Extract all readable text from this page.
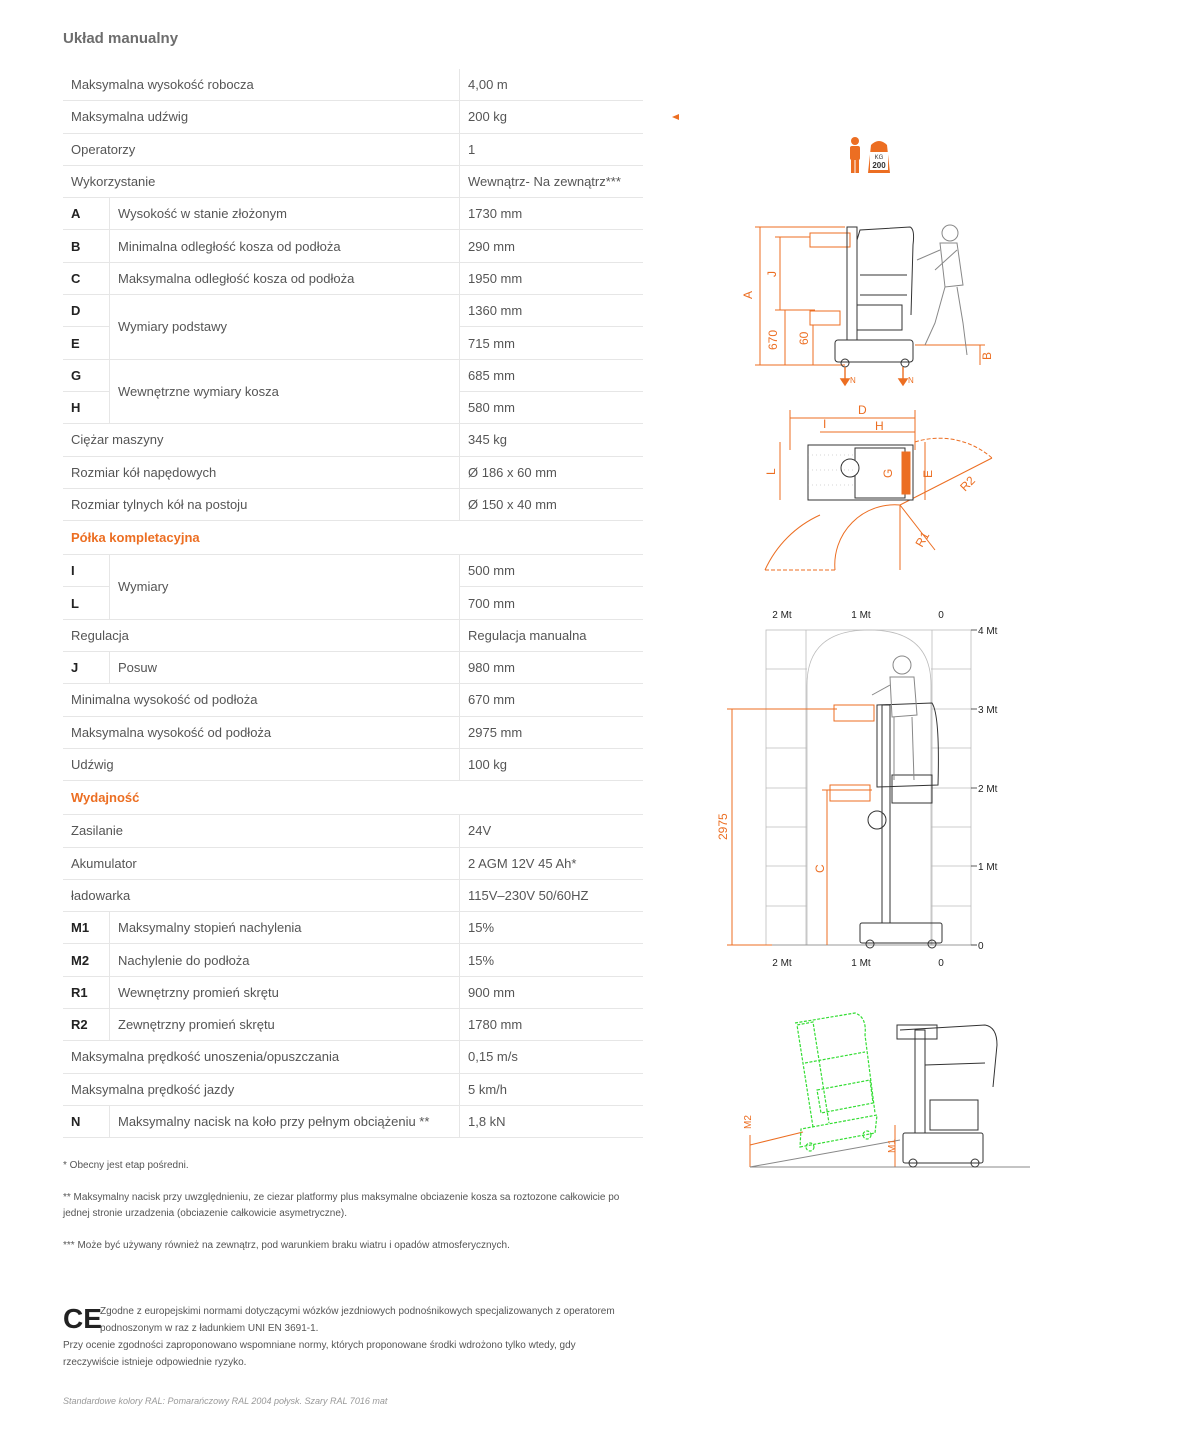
Układ manualny
Maksymalna wysokość robocza		4,00 m
Maksymalna udźwig		200 kg
Operatorzy		1
Wykorzystanie		Wewnątrz- Na zewnątrz***
A	Wysokość w stanie złożonym	1730 mm
B	Minimalna odległość kosza od podłoża	290 mm
C	Maksymalna odległość kosza od podłoża	1950 mm
D	Wymiary podstawy	1360 mm
E		715 mm
G	Wewnętrzne wymiary kosza	685 mm
H		580 mm
Ciężar maszyny		345 kg
Rozmiar kół napędowych		Ø 186 x 60 mm
Rozmiar tylnych kół na postoju		Ø 150 x 40 mm
Półka kompletacyjna		
I	Wymiary	500 mm
L		700 mm
Regulacja		Regulacja manualna
J	Posuw	980 mm
Minimalna wysokość od podłoża		670 mm
Maksymalna wysokość od podłoża		2975 mm
Udźwig		100 kg
Wydajność		
Zasilanie		24V
Akumulator		2 AGM 12V 45 Ah*
ładowarka		115V–230V 50/60HZ
M1	Maksymalny stopień nachylenia	15%
M2	Nachylenie do podłoża	15%
R1	Wewnętrzny promień skrętu	900 mm
R2	Zewnętrzny promień skrętu	1780 mm
Maksymalna prędkość unoszenia/opuszczania		0,15 m/s
Maksymalna prędkość jazdy		5 km/h
N	Maksymalny nacisk na koło przy pełnym obciążeniu **	1,8 kN

* Obecny jest etap pośredni.

** Maksymalny nacisk przy uwzględnieniu, ze ciezar platformy plus maksymalne obciazenie kosza sa roztozone całkowicie po jednej stronie urzadzenia (obciazenie całkowicie asymetryczne).

*** Może być używany również na zewnątrz, pod warunkiem braku wiatru i opadów atmosferycznych.

CE
Zgodne z europejskimi normami dotyczącymi wózków jezdniowych podnośnikowych specjalizowanych z operatorem podnoszonym w raz z ładunkiem UNI EN 3691-1.
Przy ocenie zgodności zaproponowano wspomniane normy, których proponowane środki wdrożono tylko wtedy, gdy rzeczywiście istnieje odpowiednie ryzyko.
Standardowe kolory RAL: Pomarańczowy RAL 2004 połysk. Szary RAL 7016 mat
KG
200
A
J
670 60
B
N	N
I
D
H
L	G E
R1
R2
2 Mt	1 Mt	0
2 Mt	1 Mt	0
4 Mt
3 Mt
2 Mt
1 Mt
0
2975
C
M2
M1
